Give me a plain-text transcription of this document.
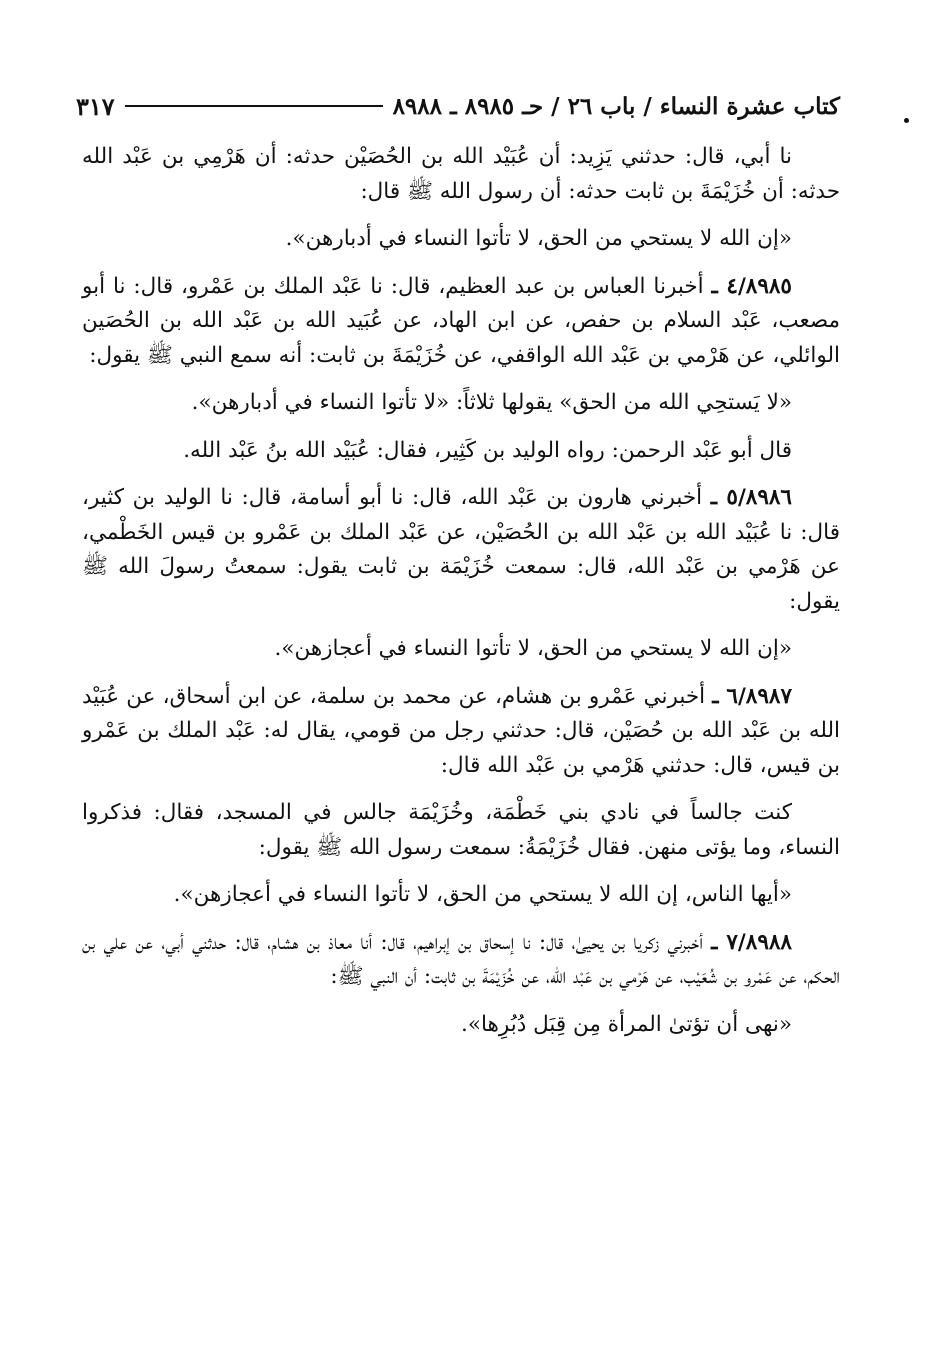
كتاب عشرة النساء / باب ٢٦ / حـ ٨٩٨٥ ـ ٨٩٨٨
٣١٧

نا أبي، قال: حدثني يَزِيد: أن عُبَيْد الله بن الحُصَيْن حدثه: أن هَرْمِي بن عَبْد الله حدثه: أن خُزَيْمَةَ بن ثابت حدثه: أن رسول الله ﷺ قال:

«إن الله لا يستحي من الحق، لا تأتوا النساء في أدبارهن».

٤/٨٩٨٥ ـ أخبرنا العباس بن عبد العظيم، قال: نا عَبْد الملك بن عَمْرو، قال: نا أبو مصعب، عَبْد السلام بن حفص، عن ابن الهاد، عن عُبَيد الله بن عَبْد الله بن الحُصَين الوائلي، عن هَرْمي بن عَبْد الله الواقفي، عن خُزَيْمَةَ بن ثابت: أنه سمع النبي ﷺ يقول:

«لا يَستحِي الله من الحق» يقولها ثلاثاً: «لا تأتوا النساء في أدبارهن».

قال أبو عَبْد الرحمن: رواه الوليد بن كَثِير، فقال: عُبَيْد الله بنُ عَبْد الله.

٥/٨٩٨٦ ـ أخبرني هارون بن عَبْد الله، قال: نا أبو أسامة، قال: نا الوليد بن كثير، قال: نا عُبَيْد الله بن عَبْد الله بن الحُصَيْن، عن عَبْد الملك بن عَمْرو بن قيس الخَطْمي، عن هَرْمي بن عَبْد الله، قال: سمعت خُزَيْمَة بن ثابت يقول: سمعتُ رسولَ الله ﷺ يقول:

«إن الله لا يستحي من الحق، لا تأتوا النساء في أعجازهن».

٦/٨٩٨٧ ـ أخبرني عَمْرو بن هشام، عن محمد بن سلمة، عن ابن أسحاق، عن عُبَيْد الله بن عَبْد الله بن حُصَيْن، قال: حدثني رجل من قومي، يقال له: عَبْد الملك بن عَمْرو بن قيس، قال: حدثني هَرْمي بن عَبْد الله قال:

كنت جالساً في نادي بني خَطْمَة، وخُزَيْمَة جالس في المسجد، فقال: فذكروا النساء، وما يؤتى منهن. فقال خُزَيْمَةُ: سمعت رسول الله ﷺ يقول:

«أيها الناس، إن الله لا يستحي من الحق، لا تأتوا النساء في أعجازهن».

٧/٨٩٨٨ ـ أخبرني زكريا بن يحيىٰ، قال: نا إسحاق بن إبراهيم، قال: أنا معاذ بن هشام، قال: حدثني أبي، عن علي بن الحكم، عن عَمْرو بن شُعَيْب، عن هَرْمي بن عَبْد الله، عن خُزَيْمَةَ بن ثابت: أن النبي ﷺ:

«نهى أن تؤتىٰ المرأة مِن قِبَل دُبُرِها».
